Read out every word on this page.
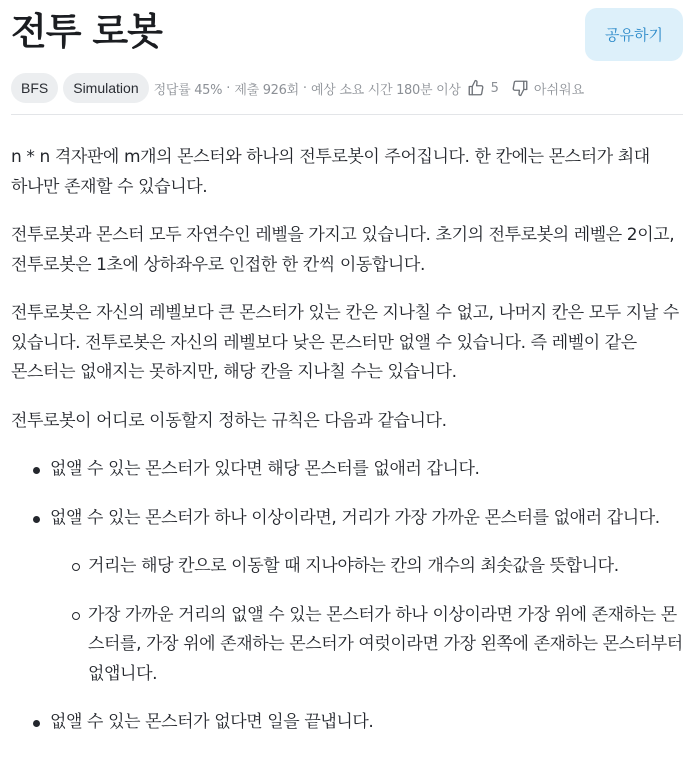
전투 로봇	공유하기
BFS	Simulation	정답률 45% · 제출 926회 · 예상 소요 시간 180분 이상 5	아쉬워요

n * n 격자판에 m개의 몬스터와 하나의 전투로봇이 주어집니다. 한 칸에는 몬스터가 최대 하나만 존재할 수 있습니다.

전투로봇과 몬스터 모두 자연수인 레벨을 가지고 있습니다. 초기의 전투로봇의 레벨은 2이고, 전투로봇은 1초에 상하좌우로 인접한 한 칸씩 이동합니다.

전투로봇은 자신의 레벨보다 큰 몬스터가 있는 칸은 지나칠 수 없고, 나머지 칸은 모두 지날 수 있습니다. 전투로봇은 자신의 레벨보다 낮은 몬스터만 없앨 수 있습니다. 즉 레벨이 같은 몬스터는 없애지는 못하지만, 해당 칸을 지나칠 수는 있습니다.

전투로봇이 어디로 이동할지 정하는 규칙은 다음과 같습니다.

없앨 수 있는 몬스터가 있다면 해당 몬스터를 없애러 갑니다.
없앨 수 있는 몬스터가 하나 이상이라면, 거리가 가장 가까운 몬스터를 없애러 갑니다.
거리는 해당 칸으로 이동할 때 지나야하는 칸의 개수의 최솟값을 뜻합니다.
가장 가까운 거리의 없앨 수 있는 몬스터가 하나 이상이라면 가장 위에 존재하는 몬스터를, 가장 위에 존재하는 몬스터가 여럿이라면 가장 왼쪽에 존재하는 몬스터부터 없앱니다.
없앨 수 있는 몬스터가 없다면 일을 끝냅니다.
